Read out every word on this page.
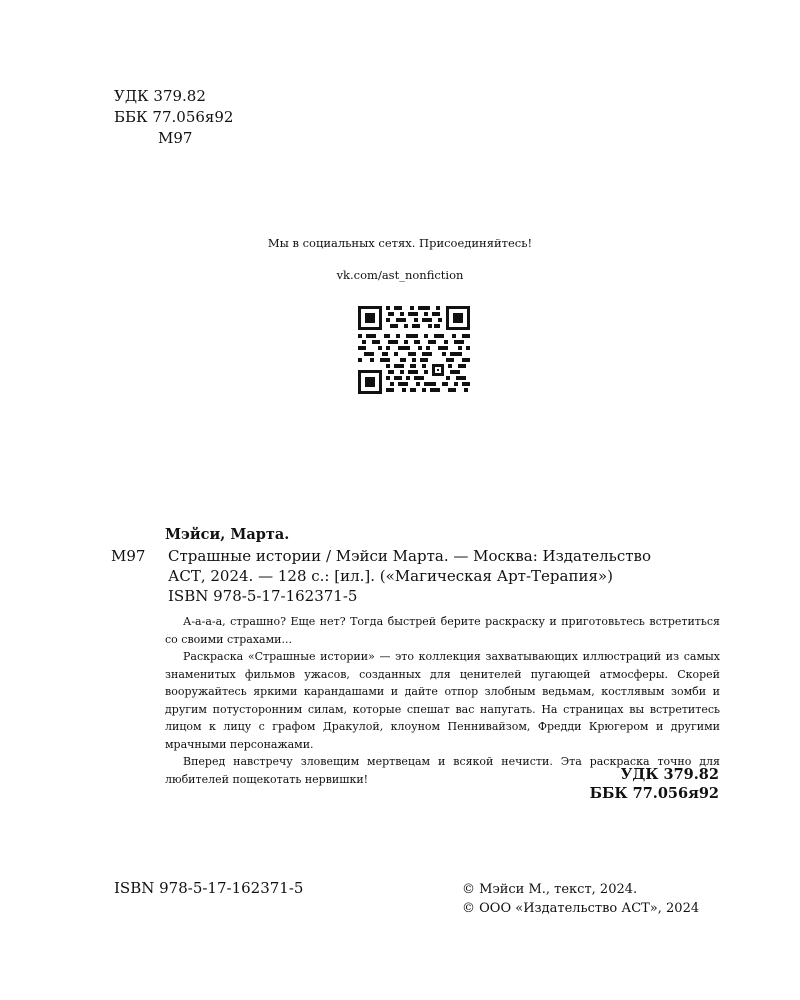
УДК 379.82
ББК 77.056я92
М97
Мы в социальных сетях. Присоединяйтесь!
vk.com/ast_nonfiction
Мэйси, Марта.
М97 Страшные истории / Мэйси Марта. — Москва: Издательство
АСТ, 2024. — 128 с.: [ил.]. («Магическая Арт-Терапия»)
ISBN 978-5-17-162371-5

А-а-а-а, страшно? Еще нет? Тогда быстрей берите раскраску и приготовьтесь встретиться со своими страхами...

Раскраска «Страшные истории» — это коллекция захватывающих иллюстраций из самых знаменитых фильмов ужасов, созданных для ценителей пугающей атмосферы. Скорей вооружайтесь яркими карандашами и дайте отпор злобным ведьмам, костлявым зомби и другим потусторонним силам, которые спешат вас напугать. На страницах вы встретитесь лицом к лицу с графом Дракулой, клоуном Пеннивайзом, Фредди Крюгером и другими мрачными персонажами.

Вперед навстречу зловещим мертвецам и всякой нечисти. Эта раскраска точно для любителей пощекотать нервишки!	УДК 379.82
ББК 77.056я92
ISBN 978-5-17-162371-5	© Мэйси М., текст, 2024.
© ООО «Издательство АСТ», 2024
